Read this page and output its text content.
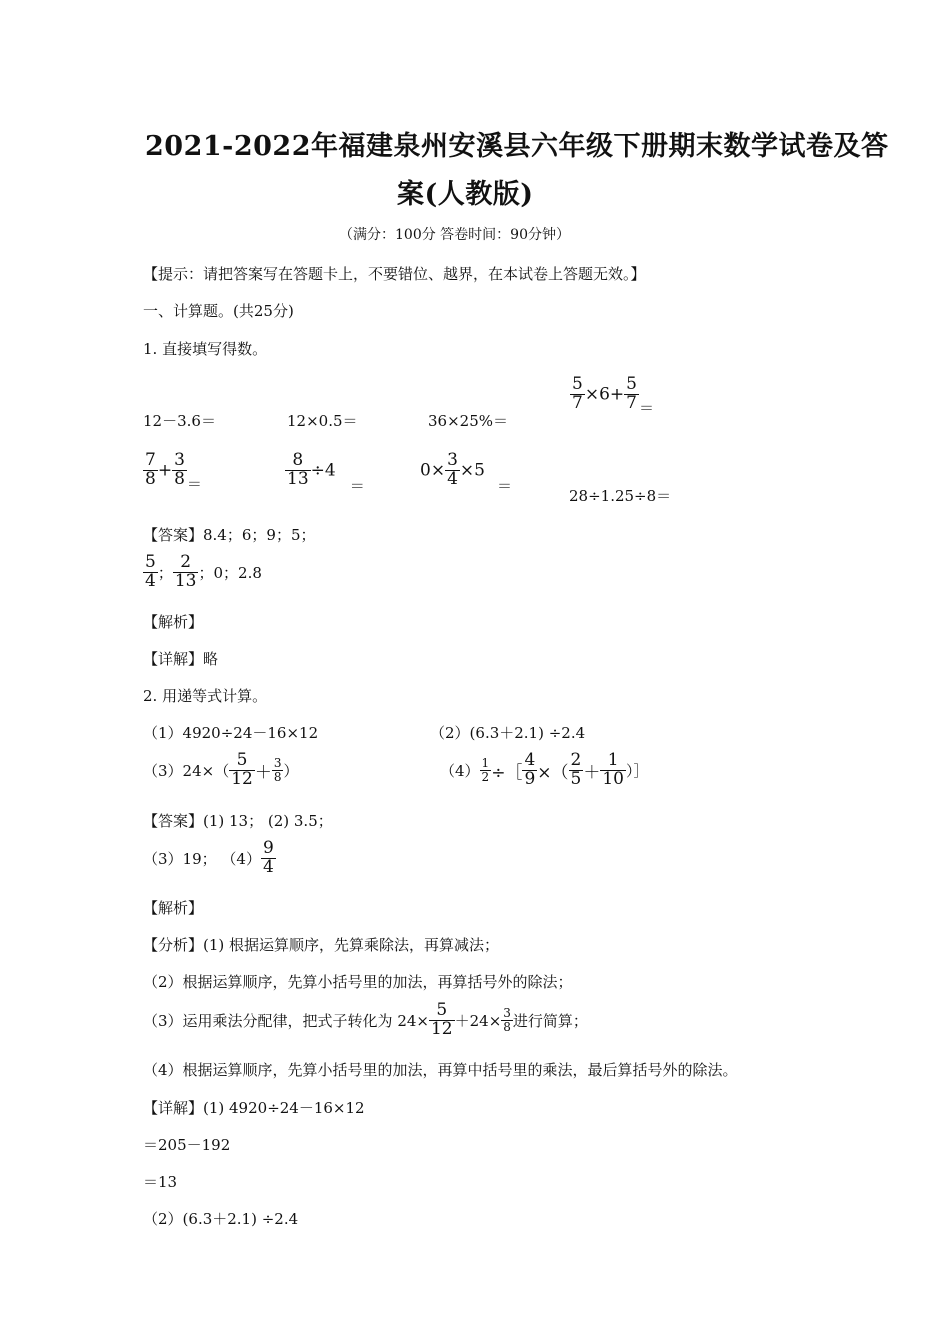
2021-2022年福建泉州安溪县六年级下册期末数学试卷及答
案(人教版)
（满分：100分 答卷时间：90分钟）
【提示：请把答案写在答题卡上，不要错位、越界，在本试卷上答题无效。】
一、计算题。(共25分)
1. 直接填写得数。
12－3.6＝	12×0.5＝	36×25%＝
$\frac{5}{7} \times 6+ \frac{5}{7}$ ＝
$\frac{7}{8} + \frac{3}{8}$ ＝	$\frac{8}{13} \div 4=$
$0\times \frac{3}{4} \times 5=$
28÷1.25÷8＝
【答案】8.4；6；9；5；
$\frac{5}{4}$ ； $\frac{2}{13}$ ；0；2.8
【解析】
【详解】略
2. 用递等式计算。
（1）4920÷24－16×12	（2）(6.3＋2.1) ÷2.4
$(3)24\times( \frac{5}{12} + \frac{3}{8}$ ）	$(4) \frac{1}{2}$ ÷［ $\frac{4}{9}$ ×（ $\frac{2}{5} + \frac{1}{10}$ ）］
【答案】(1) 13； (2) 3.5；
（3）19； $(4) \frac{9}{4}$
【解析】
【分析】(1) 根据运算顺序，先算乘除法，再算减法；
（2）根据运算顺序，先算小括号里的加法，再算括号外的除法；
（3）运用乘法分配律，把式子转化为 $24\times \frac{5}{12} +24\times \frac{3}{8}$ 进行简算；
（4）根据运算顺序，先算小括号里的加法，再算中括号里的乘法，最后算括号外的除法。
【详解】(1) 4920÷24－16×12
＝205－192
＝13
（2）(6.3＋2.1) ÷2.4
